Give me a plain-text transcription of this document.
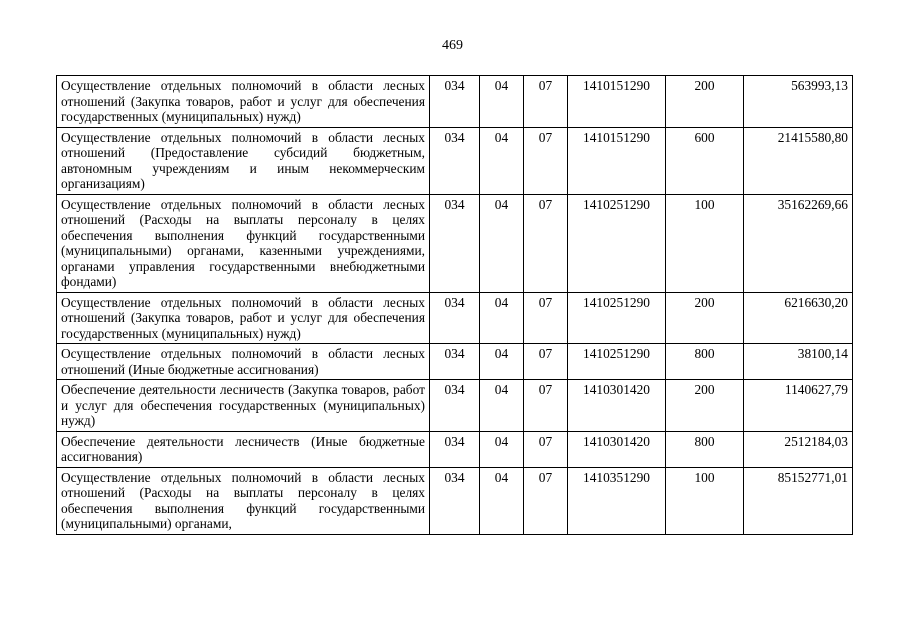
469
Осуществление отдельных полномочий в области лесных отношений (Закупка товаров, работ и услуг для обеспечения государственных (муниципальных) нужд)	034	04	07	1410151290	200	563993,13
Осуществление отдельных полномочий в области лесных отношений (Предоставление субсидий бюджетным, автономным учреждениям и иным некоммерческим организациям)	034	04	07	1410151290	600	21415580,80
Осуществление отдельных полномочий в области лесных отношений (Расходы на выплаты персоналу в целях обеспечения выполнения функций государственными (муниципальными) органами, казенными учреждениями, органами управления государственными внебюджетными фондами)	034	04	07	1410251290	100	35162269,66
Осуществление отдельных полномочий в области лесных отношений (Закупка товаров, работ и услуг для обеспечения государственных (муниципальных) нужд)	034	04	07	1410251290	200	6216630,20
Осуществление отдельных полномочий в области лесных отношений (Иные бюджетные ассигнования)	034	04	07	1410251290	800	38100,14
Обеспечение деятельности лесничеств (Закупка товаров, работ и услуг для обеспечения государственных (муниципальных) нужд)	034	04	07	1410301420	200	1140627,79
Обеспечение деятельности лесничеств (Иные бюджетные ассигнования)	034	04	07	1410301420	800	2512184,03
Осуществление отдельных полномочий в области лесных отношений (Расходы на выплаты персоналу в целях обеспечения выполнения функций государственными (муниципальными) органами,	034	04	07	1410351290	100	85152771,01
